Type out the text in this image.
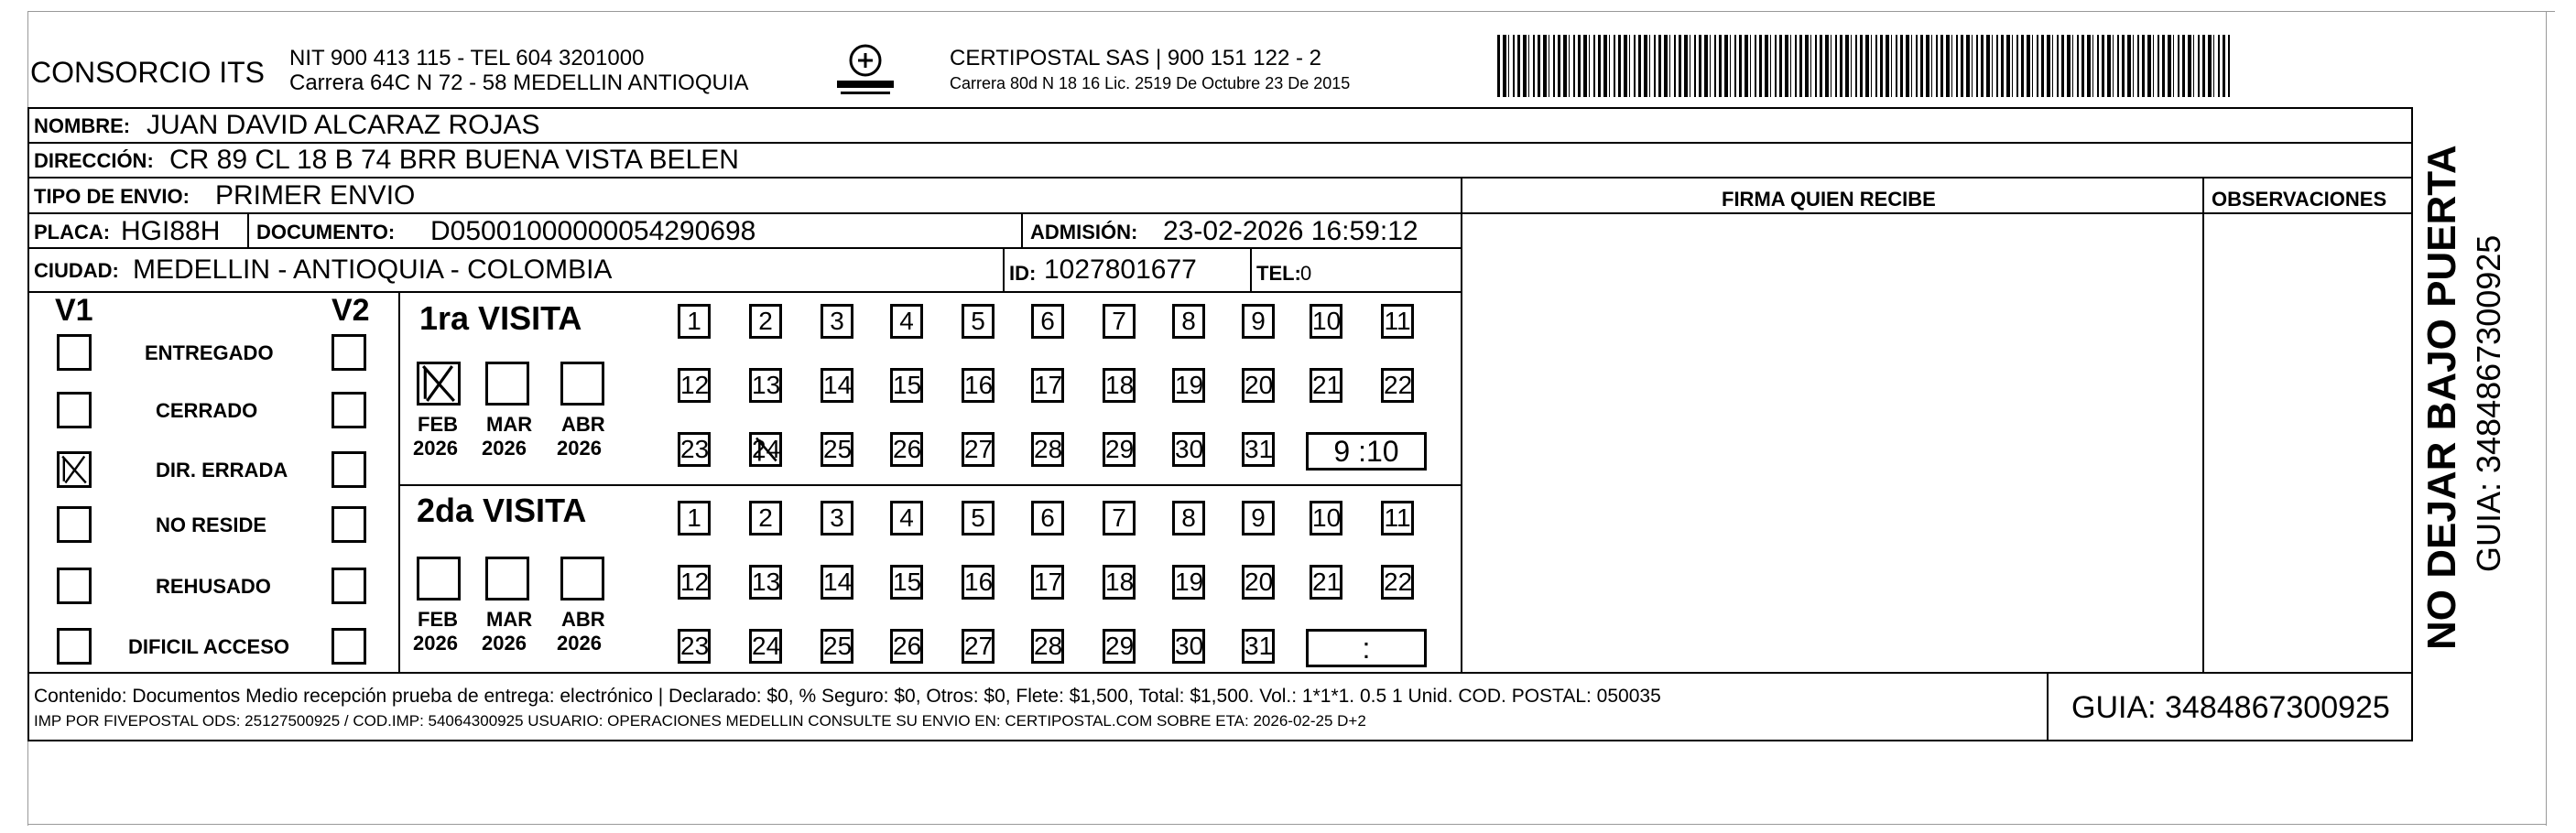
CONSORCIO ITS NIT 900 413 115 - TEL 604 3201000
Carrera 64C N 72 - 58 MEDELLIN ANTIOQUIA
CERTIPOSTAL SAS | 900 151 122 - 2
Carrera 80d N 18 16 Lic. 2519 De Octubre 23 De 2015
NOMBRE: JUAN DAVID ALCARAZ ROJAS
DIRECCIÓN: CR 89 CL 18 B 74 BRR BUENA VISTA BELEN
TIPO DE ENVIO: PRIMER ENVIO	FIRMA QUIEN RECIBE	OBSERVACIONES
PLACA: HGI88H DOCUMENTO: D05001000000054290698	ADMISIÓN: 23-02-2026 16:59:12
CIUDAD: MEDELLIN - ANTIOQUIA - COLOMBIA	ID: 1027801677	TEL: 0
V1	V2
ENTREGADO
CERRADO
DIR. ERRADA
NO RESIDE
REHUSADO
DIFICIL ACCESO
1ra VISITA
FEB
2026
MAR
2026
ABR
2026
1	2	3	4	5	6	7	8	9	10 11
12 13 14 15 16 17 18 19 20 21 22
23 24 25 26 27 28 29 30 31	9 :10
2da VISITA
FEB
2026
MAR
2026
ABR
2026
1	2	3	4	5	6	7	8	9	10 11
12 13 14 15 16 17 18 19 20 21 22
23 24 25 26 27 28 29 30 31	:
Contenido: Documentos Medio recepción prueba de entrega: electrónico | Declarado: $0, % Seguro: $0, Otros: $0, Flete: $1,500, Total: $1,500. Vol.: 1*1*1. 0.5 1 Unid. COD. POSTAL: 050035
IMP POR FIVEPOSTAL ODS: 25127500925 / COD.IMP: 54064300925 USUARIO: OPERACIONES MEDELLIN CONSULTE SU ENVIO EN: CERTIPOSTAL.COM SOBRE ETA: 2026-02-25 D+2	GUIA: 3484867300925
NO DEJAR BAJO PUERTA GUIA: 3484867300925
